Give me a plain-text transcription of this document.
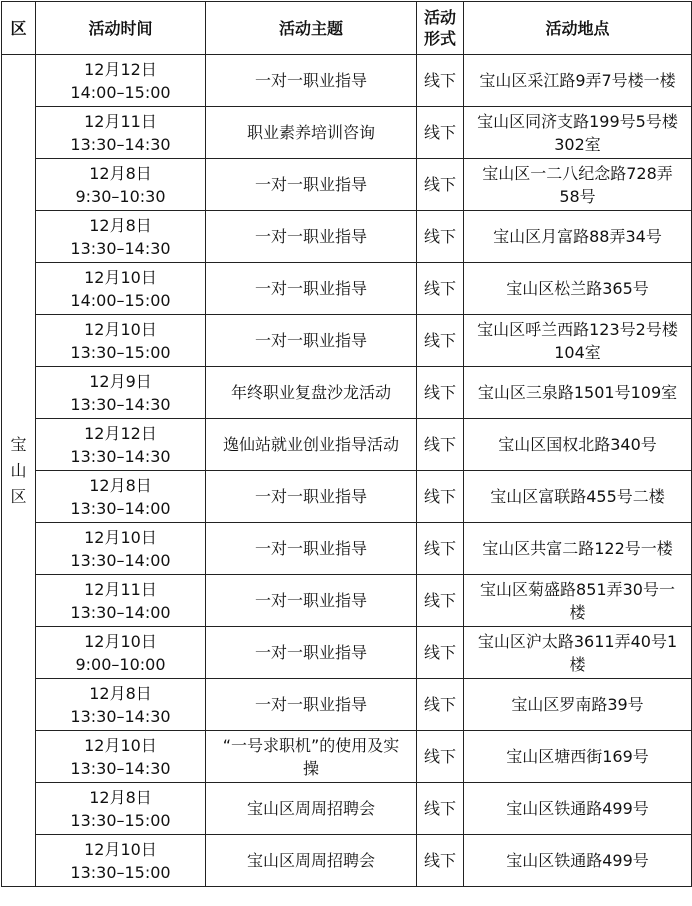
区	活动时间	活动主题	活动
形式	活动地点

宝山区	12月12日
14:00–15:00	一对一职业指导	线下	宝山区采江路9弄7号楼一楼
	12月11日
13:30–14:30	职业素养培训咨询	线下	宝山区同济支路199号5号楼
302室
	12月8日
9:30–10:30	一对一职业指导	线下	宝山区一二八纪念路728弄
58号
	12月8日
13:30–14:30	一对一职业指导	线下	宝山区月富路88弄34号
	12月10日
14:00–15:00	一对一职业指导	线下	宝山区松兰路365号
	12月10日
13:30–15:00	一对一职业指导	线下	宝山区呼兰西路123号2号楼
104室
	12月9日
13:30–14:30	年终职业复盘沙龙活动	线下	宝山区三泉路1501号109室
	12月12日
13:30–14:30	逸仙站就业创业指导活动	线下	宝山区国权北路340号
	12月8日
13:30–14:00	一对一职业指导	线下	宝山区富联路455号二楼
	12月10日
13:30–14:00	一对一职业指导	线下	宝山区共富二路122号一楼
	12月11日
13:30–14:00	一对一职业指导	线下	宝山区菊盛路851弄30号一
楼
	12月10日
9:00–10:00	一对一职业指导	线下	宝山区沪太路3611弄40号1
楼
	12月8日
13:30–14:30	一对一职业指导	线下	宝山区罗南路39号
	12月10日
13:30–14:30	“一号求职机”的使用及实
操	线下	宝山区塘西街169号
	12月8日
13:30–15:00	宝山区周周招聘会	线下	宝山区铁通路499号
	12月10日
13:30–15:00	宝山区周周招聘会	线下	宝山区铁通路499号
